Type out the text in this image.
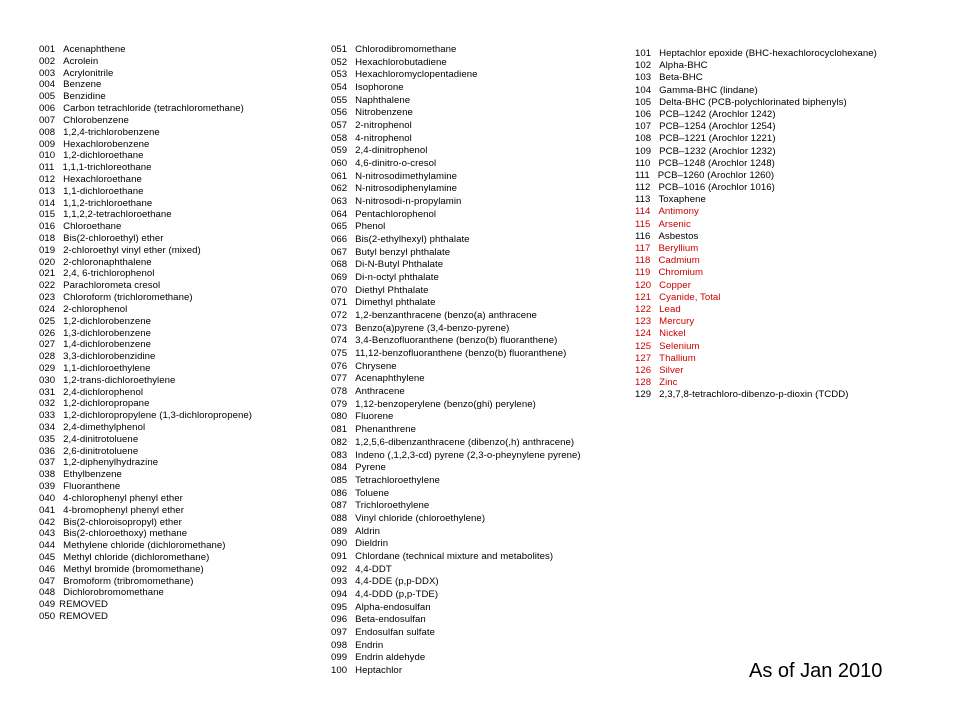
001 Acenaphthene
002 Acrolein
003 Acrylonitrile
004 Benzene
005 Benzidine
006 Carbon tetrachloride (tetrachloromethane)
007 Chlorobenzene
008 1,2,4-trichlorobenzene
009 Hexachlorobenzene
010 1,2-dichloroethane
011 1,1,1-trichloreothane
012 Hexachloroethane
013 1,1-dichloroethane
014 1,1,2-trichloroethane
015 1,1,2,2-tetrachloroethane
016 Chloroethane
018 Bis(2-chloroethyl) ether
019 2-chloroethyl vinyl ether (mixed)
020 2-chloronaphthalene
021 2,4, 6-trichlorophenol
022 Parachlorometa cresol
023 Chloroform (trichloromethane)
024 2-chlorophenol
025 1,2-dichlorobenzene
026 1,3-dichlorobenzene
027 1,4-dichlorobenzene
028 3,3-dichlorobenzidine
029 1,1-dichloroethylene
030 1,2-trans-dichloroethylene
031 2,4-dichlorophenol
032 1,2-dichloropropane
033 1,2-dichloropropylene (1,3-dichloropropene)
034 2,4-dimethylphenol
035 2,4-dinitrotoluene
036 2,6-dinitrotoluene
037 1,2-diphenylhydrazine
038 Ethylbenzene
039 Fluoranthene
040 4-chlorophenyl phenyl ether
041 4-bromophenyl phenyl ether
042 Bis(2-chloroisopropyl) ether
043 Bis(2-chloroethoxy) methane
044 Methylene chloride (dichloromethane)
045 Methyl chloride (dichloromethane)
046 Methyl bromide (bromomethane)
047 Bromoform (tribromomethane)
048 Dichlorobromomethane
049 REMOVED
050 REMOVED
051 Chlorodibromomethane
052 Hexachlorobutadiene
053 Hexachloromyclopentadiene
054 Isophorone
055 Naphthalene
056 Nitrobenzene
057 2-nitrophenol
058 4-nitrophenol
059 2,4-dinitrophenol
060 4,6-dinitro-o-cresol
061 N-nitrosodimethylamine
062 N-nitrosodiphenylamine
063 N-nitrosodi-n-propylamin
064 Pentachlorophenol
065 Phenol
066 Bis(2-ethylhexyl) phthalate
067 Butyl benzyl phthalate
068 Di-N-Butyl Phthalate
069 Di-n-octyl phthalate
070 Diethyl Phthalate
071 Dimethyl phthalate
072 1,2-benzanthracene (benzo(a) anthracene
073 Benzo(a)pyrene (3,4-benzo-pyrene)
074 3,4-Benzofluoranthene (benzo(b) fluoranthene)
075 11,12-benzofluoranthene (benzo(b) fluoranthene)
076 Chrysene
077 Acenaphthylene
078 Anthracene
079 1,12-benzoperylene (benzo(ghi) perylene)
080 Fluorene
081 Phenanthrene
082 1,2,5,6-dibenzanthracene (dibenzo(,h) anthracene)
083 Indeno (,1,2,3-cd) pyrene (2,3-o-pheynylene pyrene)
084 Pyrene
085 Tetrachloroethylene
086 Toluene
087 Trichloroethylene
088 Vinyl chloride (chloroethylene)
089 Aldrin
090 Dieldrin
091 Chlordane (technical mixture and metabolites)
092 4,4-DDT
093 4,4-DDE (p,p-DDX)
094 4,4-DDD (p,p-TDE)
095 Alpha-endosulfan
096 Beta-endosulfan
097 Endosulfan sulfate
098 Endrin
099 Endrin aldehyde
100 Heptachlor
101 Heptachlor epoxide (BHC-hexachlorocyclohexane)
102 Alpha-BHC
103 Beta-BHC
104 Gamma-BHC (lindane)
105 Delta-BHC (PCB-polychlorinated biphenyls)
106 PCB–1242 (Arochlor 1242)
107 PCB–1254 (Arochlor 1254)
108 PCB–1221 (Arochlor 1221)
109 PCB–1232 (Arochlor 1232)
110 PCB–1248 (Arochlor 1248)
111 PCB–1260 (Arochlor 1260)
112 PCB–1016 (Arochlor 1016)
113 Toxaphene
114 Antimony
115 Arsenic
116 Asbestos
117 Beryllium
118 Cadmium
119 Chromium
120 Copper
121 Cyanide, Total
122 Lead
123 Mercury
124 Nickel
125 Selenium
127 Thallium
126 Silver
128 Zinc
129 2,3,7,8-tetrachloro-dibenzo-p-dioxin (TCDD)
As of Jan 2010
